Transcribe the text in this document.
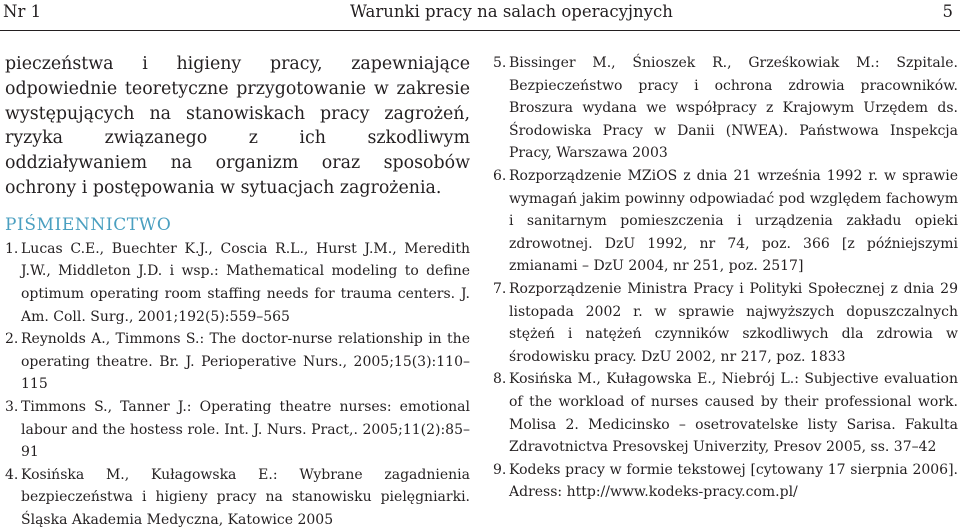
Nr 1	Warunki pracy na salach operacyjnych	5

pieczeństwa i higieny pracy, zapewniające odpowiednie teoretyczne przygotowanie w zakresie występujących na stanowiskach pracy zagrożeń, ryzyka związanego z ich szkodliwym oddziaływaniem na organizm oraz sposobów ochrony i postępowania w sytuacjach zagrożenia.

PIŚMIENNICTWO
1. Lucas C.E., Buechter K.J., Coscia R.L., Hurst J.M., Meredith J.W., Middleton J.D. i wsp.: Mathematical modeling to define optimum operating room staffing needs for trauma centers. J. Am. Coll. Surg., 2001;192(5):559–565
2. Reynolds A., Timmons S.: The doctor-nurse relationship in the operating theatre. Br. J. Perioperative Nurs., 2005;15(3):110–115
3. Timmons S., Tanner J.: Operating theatre nurses: emotional labour and the hostess role. Int. J. Nurs. Pract,. 2005;11(2):85–91
4. Kosińska M., Kułagowska E.: Wybrane zagadnienia bezpieczeństwa i higieny pracy na stanowisku pielęgniarki. Śląska Akademia Medyczna, Katowice 2005
5. Bissinger M., Śnioszek R., Grześkowiak M.: Szpitale. Bezpieczeństwo pracy i ochrona zdrowia pracowników. Broszura wydana we współpracy z Krajowym Urzędem ds. Środowiska Pracy w Danii (NWEA). Państwowa Inspekcja Pracy, Warszawa 2003
6. Rozporządzenie MZiOS z dnia 21 września 1992 r. w sprawie wymagań jakim powinny odpowiadać pod względem fachowym i sanitarnym pomieszczenia i urządzenia zakładu opieki zdrowotnej. DzU 1992, nr 74, poz. 366 [z późniejszymi zmianami – DzU 2004, nr 251, poz. 2517]
7. Rozporządzenie Ministra Pracy i Polityki Społecznej z dnia 29 listopada 2002 r. w sprawie najwyższych dopuszczalnych stężeń i natężeń czynników szkodliwych dla zdrowia w środowisku pracy. DzU 2002, nr 217, poz. 1833
8. Kosińska M., Kułagowska E., Niebrój L.: Subjective evaluation of the workload of nurses caused by their professional work. Molisa 2. Medicinsko – osetrovatelske listy Sarisa. Fakulta Zdravotnictva Presovskej Univerzity, Presov 2005, ss. 37–42
9. Kodeks pracy w formie tekstowej [cytowany 17 sierpnia 2006]. Adress: http://www.kodeks-pracy.com.pl/
